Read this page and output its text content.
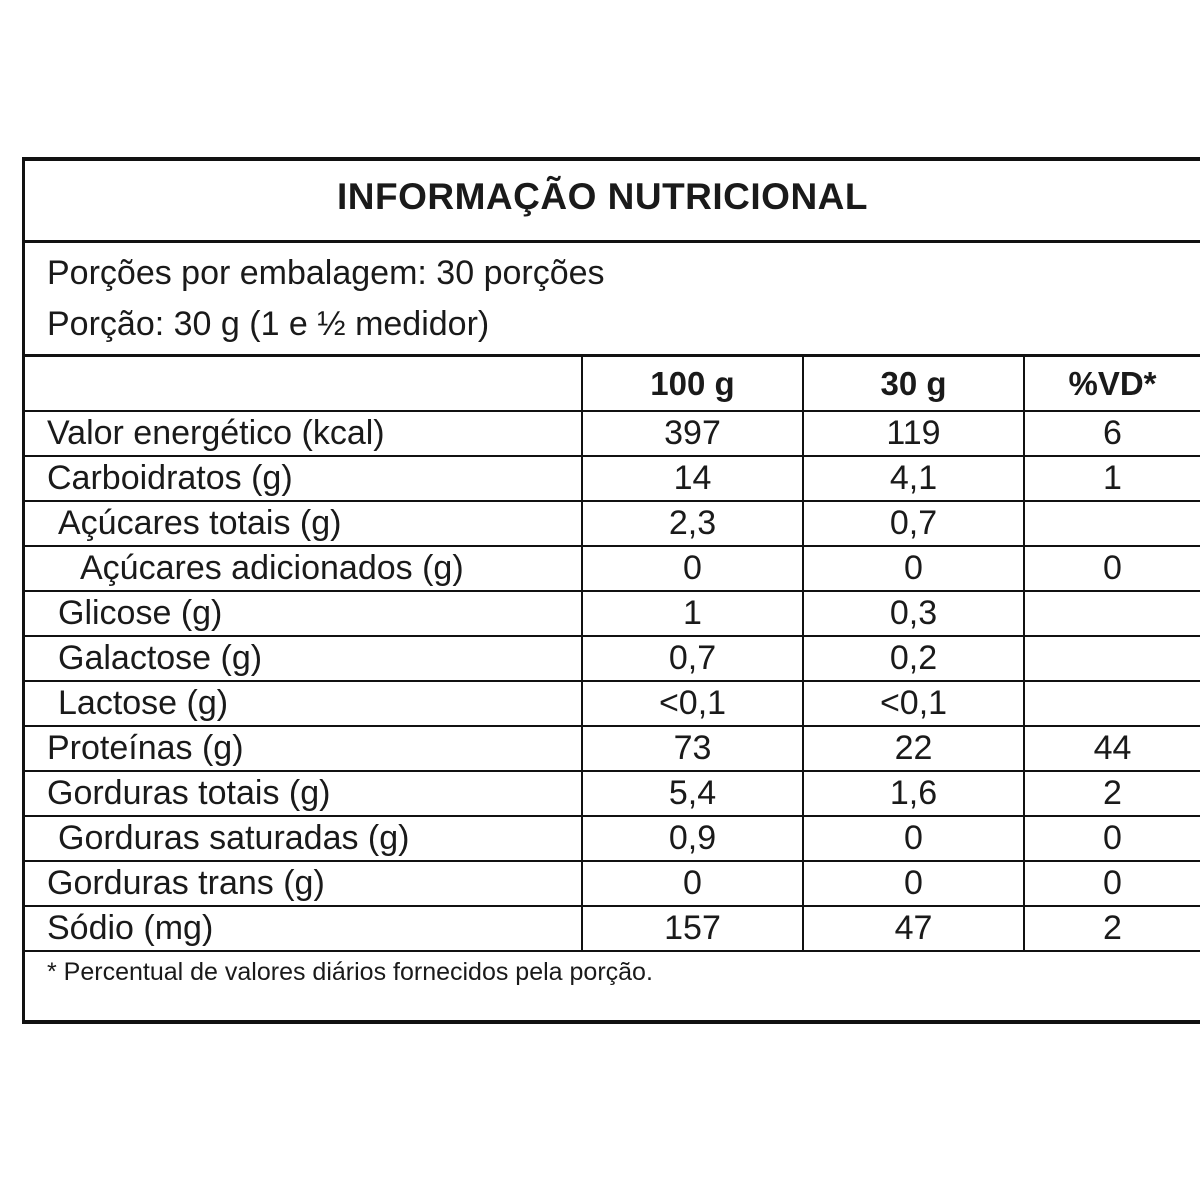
INFORMAÇÃO NUTRICIONAL
Porções por embalagem: 30 porções
Porção: 30 g (1 e ½ medidor)
	100 g	30 g	%VD*
Valor energético (kcal)	397	119	6
Carboidratos (g)	14	4,1	1
Açúcares totais (g)	2,3	0,7	
Açúcares adicionados (g)	0	0	0
Glicose (g)	1	0,3	
Galactose (g)	0,7	0,2	
Lactose (g)	<0,1	<0,1	
Proteínas (g)	73	22	44
Gorduras totais (g)	5,4	1,6	2
Gorduras saturadas (g)	0,9	0	0
Gorduras trans (g)	0	0	0
Sódio (mg)	157	47	2
* Percentual de valores diários fornecidos pela porção.
